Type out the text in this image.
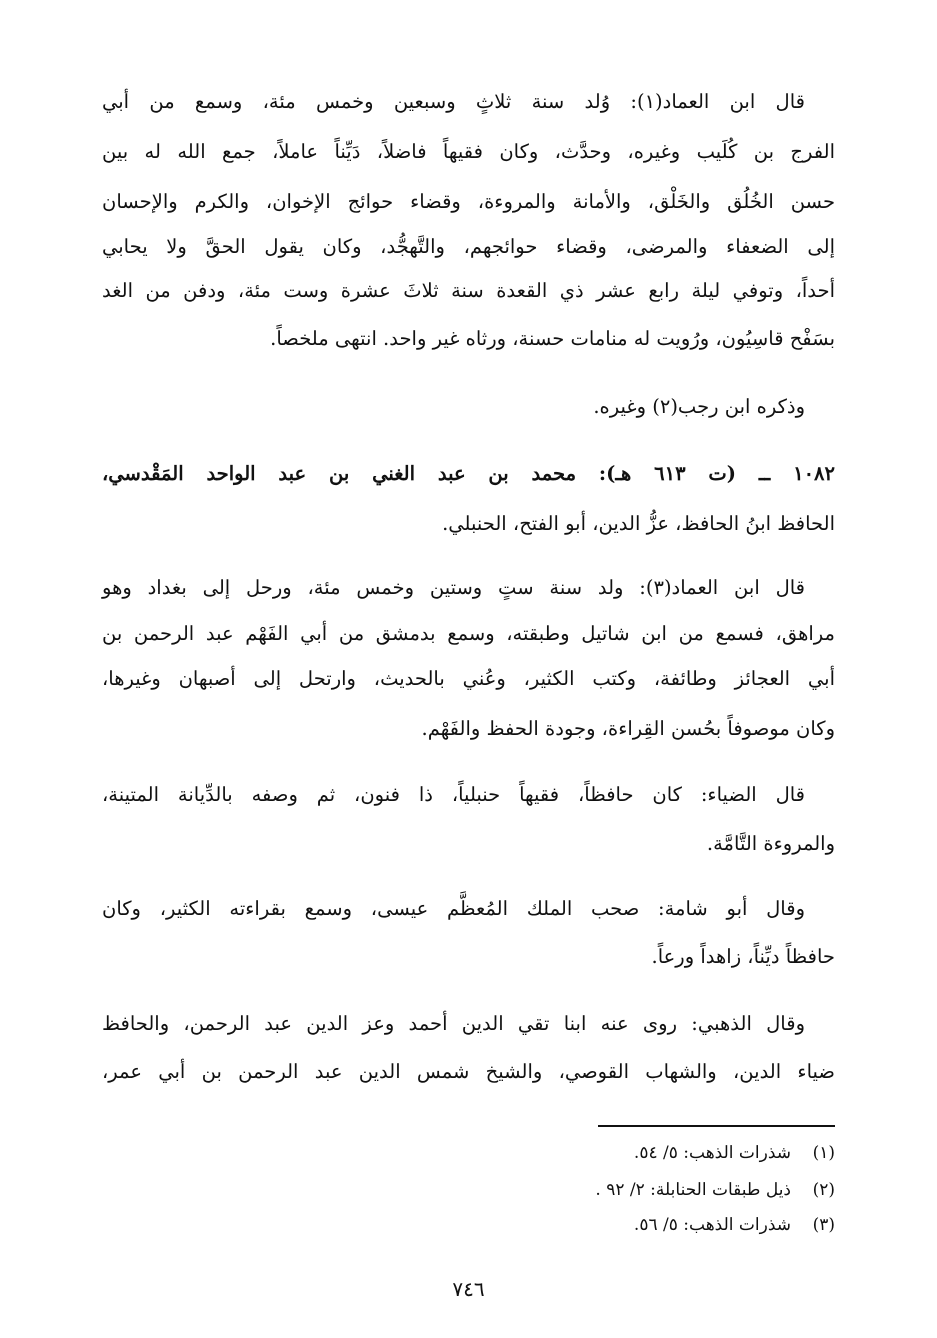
قال ابن العماد(١): وُلد سنة ثلاثٍ وسبعين وخمس مئة، وسمع من أبي
الفرج بن كُلَيب وغيره، وحدَّث، وكان فقيهاً فاضلاً، دَيِّناً عاملاً، جمع الله له بين
حسن الخُلُق والخَلْق، والأمانة والمروءة، وقضاء حوائج الإخوان، والكرم والإحسان
إلى الضعفاء والمرضى، وقضاء حوائجهم، والتَّهجُّد، وكان يقول الحقَّ ولا يحابي
أحداً، وتوفي ليلة رابع عشر ذي القعدة سنة ثلاثَ عشرة وست مئة، ودفن من الغد
بسَفْح قاسِيُون، ورُويت له منامات حسنة، ورثاه غير واحد. انتهى ملخصاً.
وذكره ابن رجب(٢) وغيره.
١٠٨٢ ــ (ت ٦١٣ هـ): محمد بن عبد الغني بن عبد الواحد المَقْدسي،
الحافظ ابنُ الحافظ، عزُّ الدين، أبو الفتح، الحنبلي.
قال ابن العماد(٣): ولد سنة ستٍ وستين وخمس مئة، ورحل إلى بغداد وهو
مراهق، فسمع من ابن شاتيل وطبقته، وسمع بدمشق من أبي الفَهْم عبد الرحمن بن
أبي العجائز وطائفة، وكتب الكثير، وعُني بالحديث، وارتحل إلى أصبهان وغيرها،
وكان موصوفاً بحُسن القِراءة، وجودة الحفظ والفَهْم.
قال الضياء: كان حافظاً، فقيهاً حنبلياً، ذا فنون، ثم وصفه بالدِّيانة المتينة،
والمروءة التَّامَّة.
وقال أبو شامة: صحب الملك المُعظَّم عيسى، وسمع بقراءته الكثير، وكان
حافظاً ديِّناً، زاهداً ورعاً.
وقال الذهبي: روى عنه ابنا تقي الدين أحمد وعز الدين عبد الرحمن، والحافظ
ضياء الدين، والشهاب القوصي، والشيخ شمس الدين عبد الرحمن بن أبي عمر،
(١)شذرات الذهب: ٥/ ٥٤.
(٢)ذيل طبقات الحنابلة: ٢/ ٩٢ .
(٣)شذرات الذهب: ٥/ ٥٦.
٧٤٦
